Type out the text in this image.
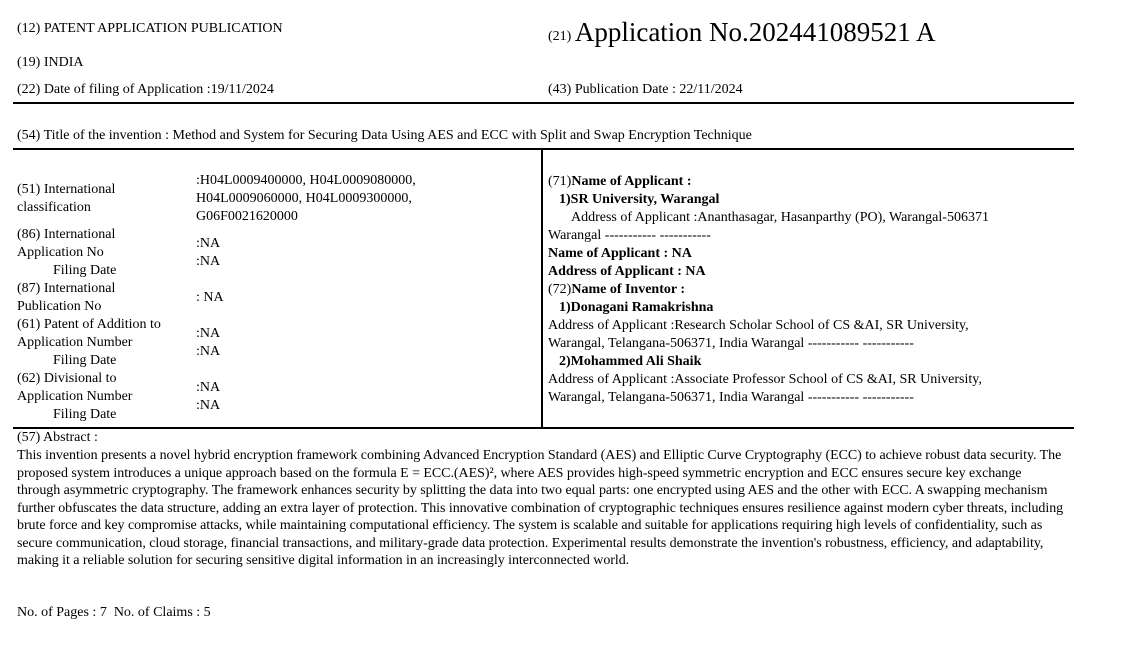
(12) PATENT APPLICATION PUBLICATION
(21) Application No.202441089521 A
(19) INDIA
(22) Date of filing of Application :19/11/2024	(43) Publication Date : 22/11/2024
(54) Title of the invention : Method and System for Securing Data Using AES and ECC with Split and Swap Encryption Technique
(51) International
classification
:H04L0009400000, H04L0009080000,
H04L0009060000, H04L0009300000,
G06F0021620000
(86) International
Application No
Filing Date
:NA
:NA
(87) International
Publication No
: NA
(61) Patent of Addition to
Application Number
Filing Date
:NA
:NA
(62) Divisional to
Application Number
Filing Date
:NA
:NA
(71)Name of Applicant :
1)SR University, Warangal
Address of Applicant :Ananthasagar, Hasanparthy (PO), Warangal-506371
Warangal ----------- -----------
Name of Applicant : NA
Address of Applicant : NA
(72)Name of Inventor :
1)Donagani Ramakrishna
Address of Applicant :Research Scholar School of CS &AI, SR University,
Warangal, Telangana-506371, India Warangal ----------- -----------
2)Mohammed Ali Shaik
Address of Applicant :Associate Professor School of CS &AI, SR University,
Warangal, Telangana-506371, India Warangal ----------- -----------
(57) Abstract :
This invention presents a novel hybrid encryption framework combining Advanced Encryption Standard (AES) and Elliptic Curve Cryptography (ECC) to achieve robust data security. The proposed system introduces a unique approach based on the formula E = ECC.(AES)², where AES provides high-speed symmetric encryption and ECC ensures secure key exchange through asymmetric cryptography. The framework enhances security by splitting the data into two equal parts: one encrypted using AES and the other with ECC. A swapping mechanism further obfuscates the data structure, adding an extra layer of protection. This innovative combination of cryptographic techniques ensures resilience against modern cyber threats, including brute force and key compromise attacks, while maintaining computational efficiency. The system is scalable and suitable for applications requiring high levels of confidentiality, such as secure communication, cloud storage, financial transactions, and military-grade data protection. Experimental results demonstrate the invention's robustness, efficiency, and adaptability, making it a reliable solution for securing sensitive digital information in an increasingly interconnected world.
No. of Pages : 7  No. of Claims : 5
